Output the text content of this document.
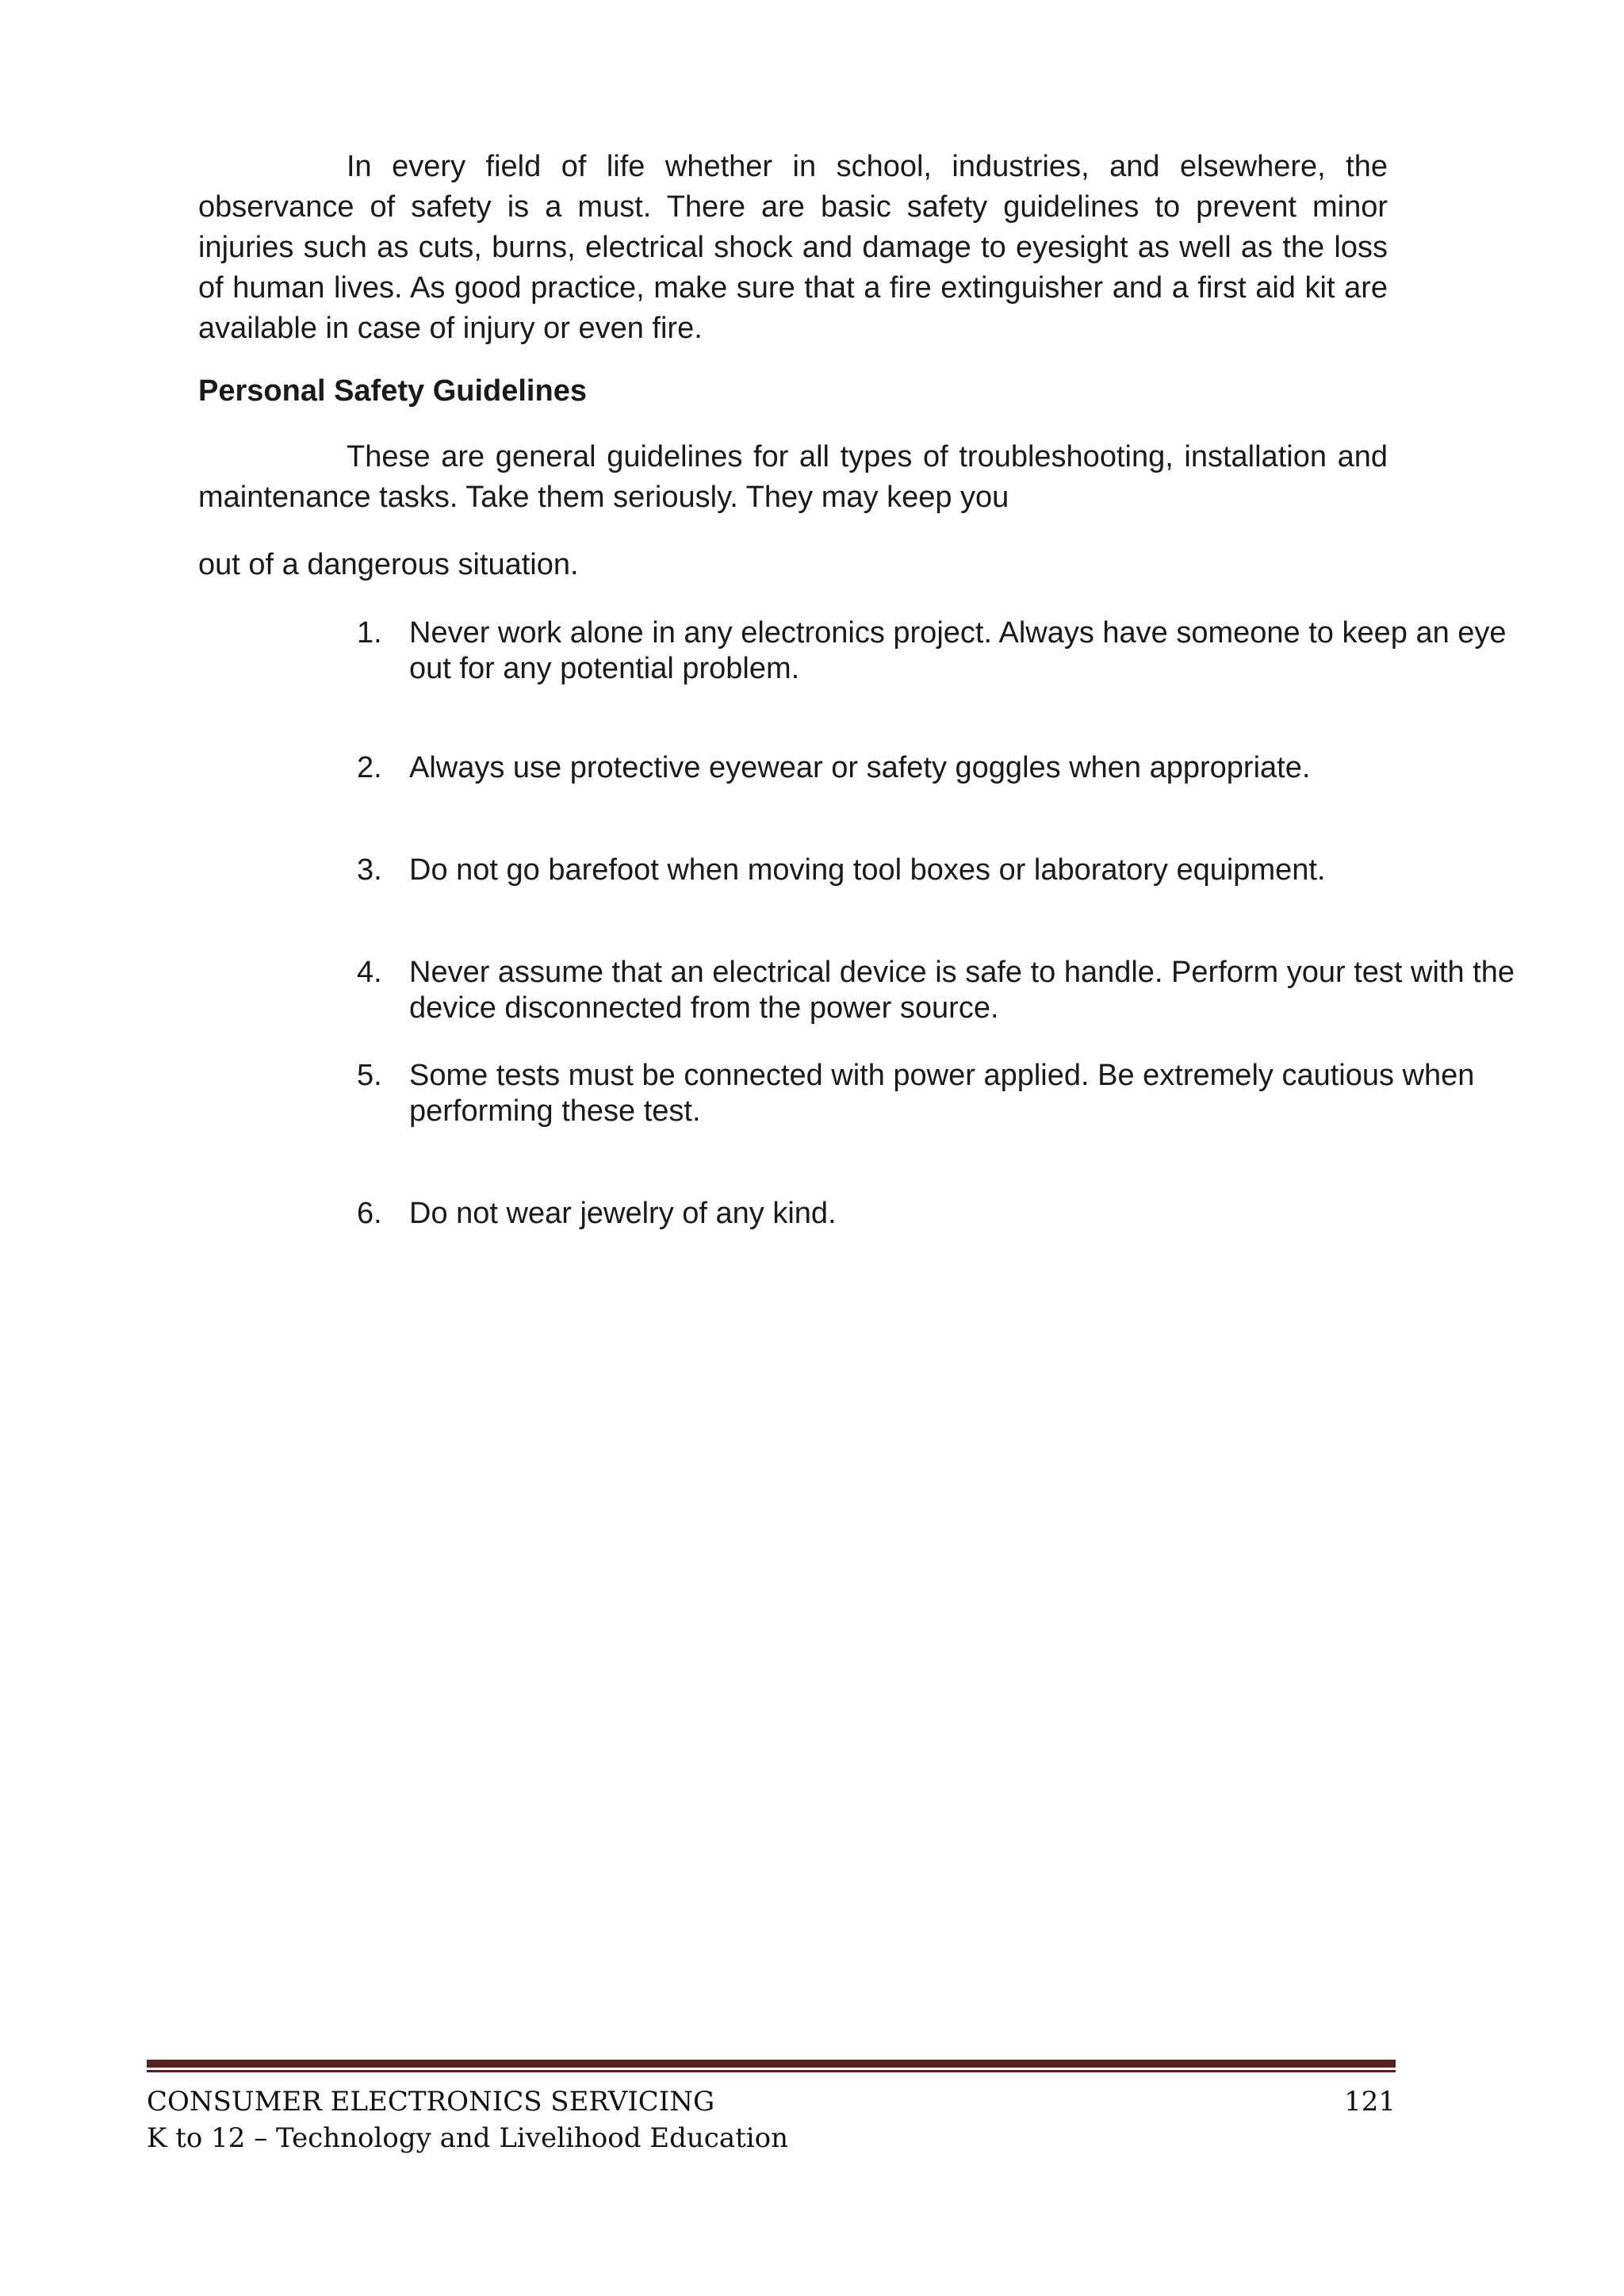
In every field of life whether in school, industries, and elsewhere, the observance of safety is a must. There are basic safety guidelines to prevent minor injuries such as cuts, burns, electrical shock and damage to eyesight as well as the loss of human lives. As good practice, make sure that a fire extinguisher and a first aid kit are available in case of injury or even fire.

Personal Safety Guidelines

These are general guidelines for all types of troubleshooting, installation and maintenance tasks. Take them seriously. They may keep you

out of a dangerous situation.

1. Never work alone in any electronics project. Always have someone to keep an eye out for any potential problem.
2. Always use protective eyewear or safety goggles when appropriate.
3. Do not go barefoot when moving tool boxes or laboratory equipment.
4. Never assume that an electrical device is safe to handle. Perform your test with the device disconnected from the power source.
5. Some tests must be connected with power applied. Be extremely cautious when performing these test.
6. Do not wear jewelry of any kind.
CONSUMER ELECTRONICS SERVICING	121
K to 12 – Technology and Livelihood Education
